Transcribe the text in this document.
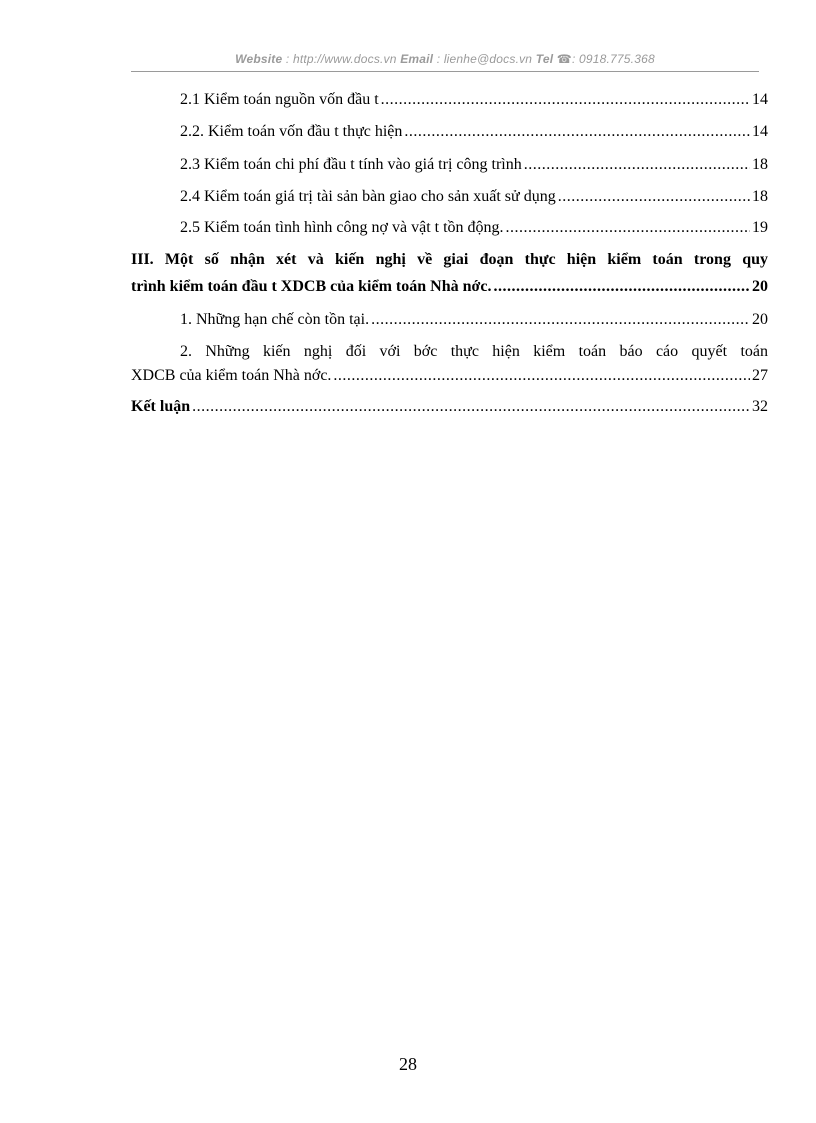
Website : http://www.docs.vn Email : lienhe@docs.vn Tel ☎: 0918.775.368
2.1 Kiểm toán nguồn vốn đầu t .....	14
2.2. Kiểm toán vốn đầu t thực hiện .....	14
2.3 Kiểm toán chi phí đầu t tính vào giá trị công trình .....	18
2.4 Kiểm toán giá trị tài sản bàn giao cho sản xuất sử dụng .....	18
2.5 Kiểm toán tình hình công nợ và vật t tồn động. .....	19
III. Một số nhận xét và kiến nghị về giai đoạn thực hiện kiểm toán trong quy
trình kiểm toán đầu t XDCB của kiểm toán Nhà nớc. .....	20
1. Những hạn chế còn tồn tại. .....	20
2. Những kiến nghị đối với bớc thực hiện kiểm toán báo cáo quyết toán
XDCB của kiểm toán Nhà nớc. .....	27
Kết luận .....	32
28
